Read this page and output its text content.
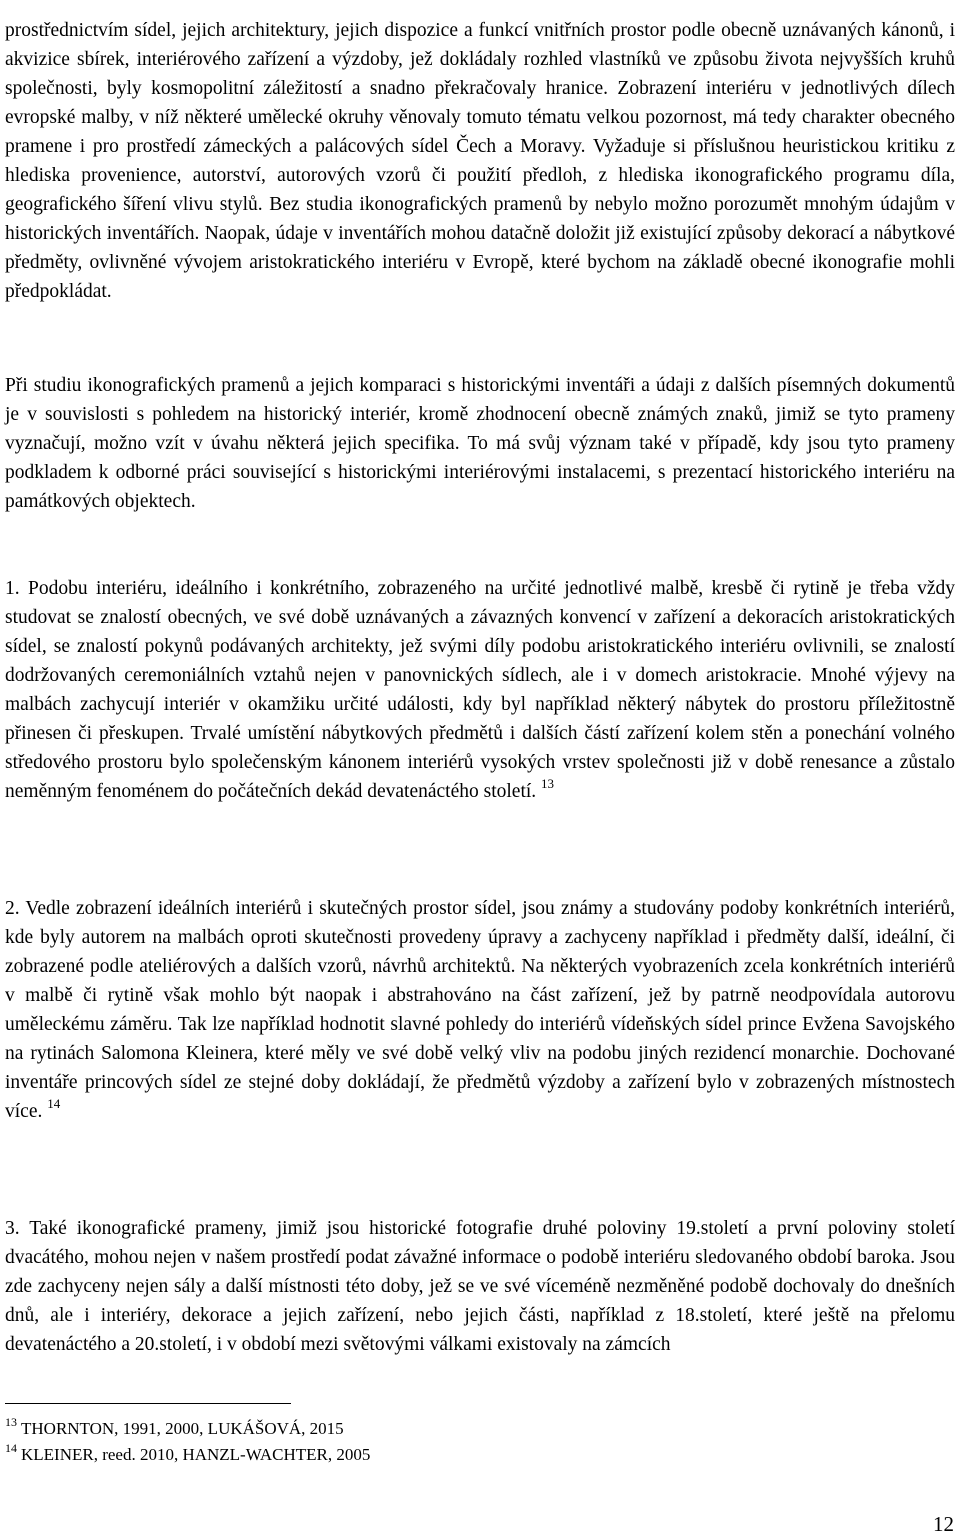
prostřednictvím sídel, jejich architektury, jejich dispozice a funkcí vnitřních prostor podle obecně uznávaných kánonů, i akvizice sbírek, interiérového zařízení a výzdoby, jež dokládaly rozhled vlastníků ve způsobu života nejvyšších kruhů společnosti, byly kosmopolitní záležitostí a snadno překračovaly hranice. Zobrazení interiéru v jednotlivých dílech evropské malby, v níž některé umělecké okruhy věnovaly tomuto tématu velkou pozornost, má tedy charakter obecného pramene i pro prostředí zámeckých a palácových sídel Čech a Moravy. Vyžaduje si příslušnou heuristickou kritiku z hlediska provenience, autorství, autorových vzorů či použití předloh, z hlediska ikonografického programu díla, geografického šíření vlivu stylů. Bez studia ikonografických pramenů by nebylo možno porozumět mnohým údajům v historických inventářích. Naopak, údaje v inventářích mohou datačně doložit již existující způsoby dekorací a nábytkové předměty, ovlivněné vývojem aristokratického interiéru v Evropě, které bychom na základě obecné ikonografie mohli předpokládat.

Při studiu ikonografických pramenů a jejich komparaci s historickými inventáři a údaji z dalších písemných dokumentů je v souvislosti s pohledem na historický interiér, kromě zhodnocení obecně známých znaků, jimiž se tyto prameny vyznačují, možno vzít v úvahu některá jejich specifika. To má svůj význam také v případě, kdy jsou tyto prameny podkladem k odborné práci související s historickými interiérovými instalacemi, s prezentací historického interiéru na památkových objektech.

1. Podobu interiéru, ideálního i konkrétního, zobrazeného na určité jednotlivé malbě, kresbě či rytině je třeba vždy studovat se znalostí obecných, ve své době uznávaných a závazných konvencí v zařízení a dekoracích aristokratických sídel, se znalostí pokynů podávaných architekty, jež svými díly podobu aristokratického interiéru ovlivnili, se znalostí dodržovaných ceremoniálních vztahů nejen v panovnických sídlech, ale i v domech aristokracie. Mnohé výjevy na malbách zachycují interiér v okamžiku určité události, kdy byl například některý nábytek do prostoru příležitostně přinesen či přeskupen. Trvalé umístění nábytkových předmětů i dalších částí zařízení kolem stěn a ponechání volného středového prostoru bylo společenským kánonem interiérů vysokých vrstev společnosti již v době renesance a zůstalo neměnným fenoménem do počátečních dekád devatenáctého století. $^{13}$

2. Vedle zobrazení ideálních interiérů i skutečných prostor sídel, jsou známy a studovány podoby konkrétních interiérů, kde byly autorem na malbách oproti skutečnosti provedeny úpravy a zachyceny například i předměty další, ideální, či zobrazené podle ateliérových a dalších vzorů, návrhů architektů. Na některých vyobrazeních zcela konkrétních interiérů v malbě či rytině však mohlo být naopak i abstrahováno na část zařízení, jež by patrně neodpovídala autorovu uměleckému záměru. Tak lze například hodnotit slavné pohledy do interiérů vídeňských sídel prince Evžena Savojského na rytinách Salomona Kleinera, které měly ve své době velký vliv na podobu jiných rezidencí monarchie. Dochované inventáře princových sídel ze stejné doby dokládají, že předmětů výzdoby a zařízení bylo v zobrazených místnostech více. $^{14}$

3. Také ikonografické prameny, jimiž jsou historické fotografie druhé poloviny 19.století a první poloviny století dvacátého, mohou nejen v našem prostředí podat závažné informace o podobě interiéru sledovaného období baroka. Jsou zde zachyceny nejen sály a další místnosti této doby, jež se ve své víceméně nezměněné podobě dochovaly do dnešních dnů, ale i interiéry, dekorace a jejich zařízení, nebo jejich části, například z 18.století, které ještě na přelomu devatenáctého a 20.století, i v období mezi světovými válkami existovaly na zámcích

$^{13}$ THORNTON, 1991, 2000, LUKÁŠOVÁ, 2015

$^{14}$ KLEINER, reed. 2010, HANZL-WACHTER, 2005

12
